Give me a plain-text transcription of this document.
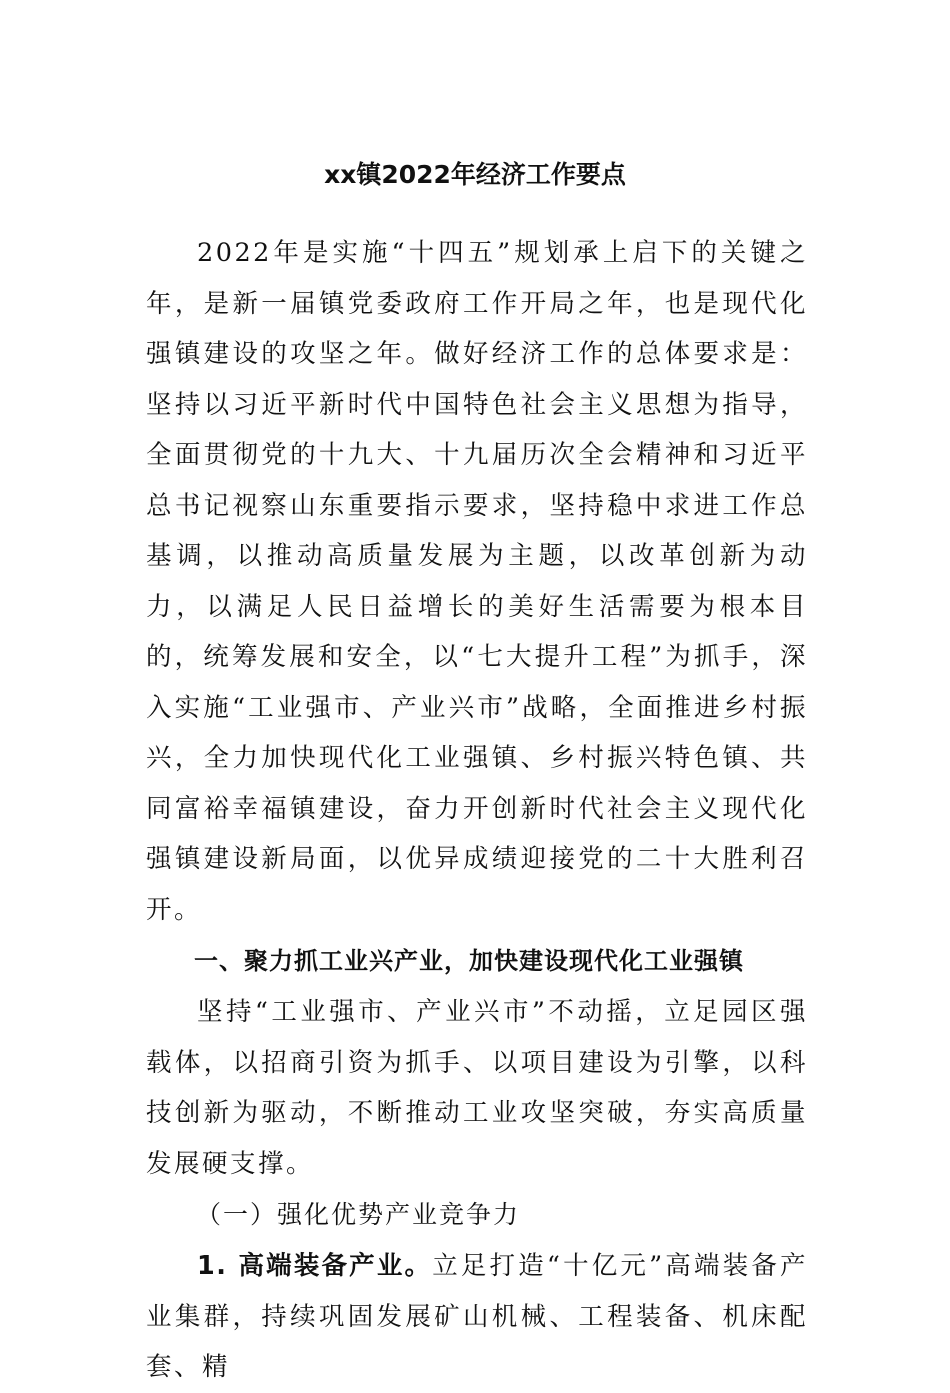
xx镇2022年经济工作要点

2022年是实施“十四五”规划承上启下的关键之年，是新一届镇党委政府工作开局之年，也是现代化强镇建设的攻坚之年。做好经济工作的总体要求是：坚持以习近平新时代中国特色社会主义思想为指导，全面贯彻党的十九大、十九届历次全会精神和习近平总书记视察山东重要指示要求，坚持稳中求进工作总基调，以推动高质量发展为主题，以改革创新为动力，以满足人民日益增长的美好生活需要为根本目的，统筹发展和安全，以“七大提升工程”为抓手，深入实施“工业强市、产业兴市”战略，全面推进乡村振兴，全力加快现代化工业强镇、乡村振兴特色镇、共同富裕幸福镇建设，奋力开创新时代社会主义现代化强镇建设新局面，以优异成绩迎接党的二十大胜利召开。

一、聚力抓工业兴产业，加快建设现代化工业强镇

坚持“工业强市、产业兴市”不动摇，立足园区强载体，以招商引资为抓手、以项目建设为引擎，以科技创新为驱动，不断推动工业攻坚突破，夯实高质量发展硬支撑。

（一）强化优势产业竞争力

1. 高端装备产业。立足打造“十亿元”高端装备产业集群，持续巩固发展矿山机械、工程装备、机床配套、精
